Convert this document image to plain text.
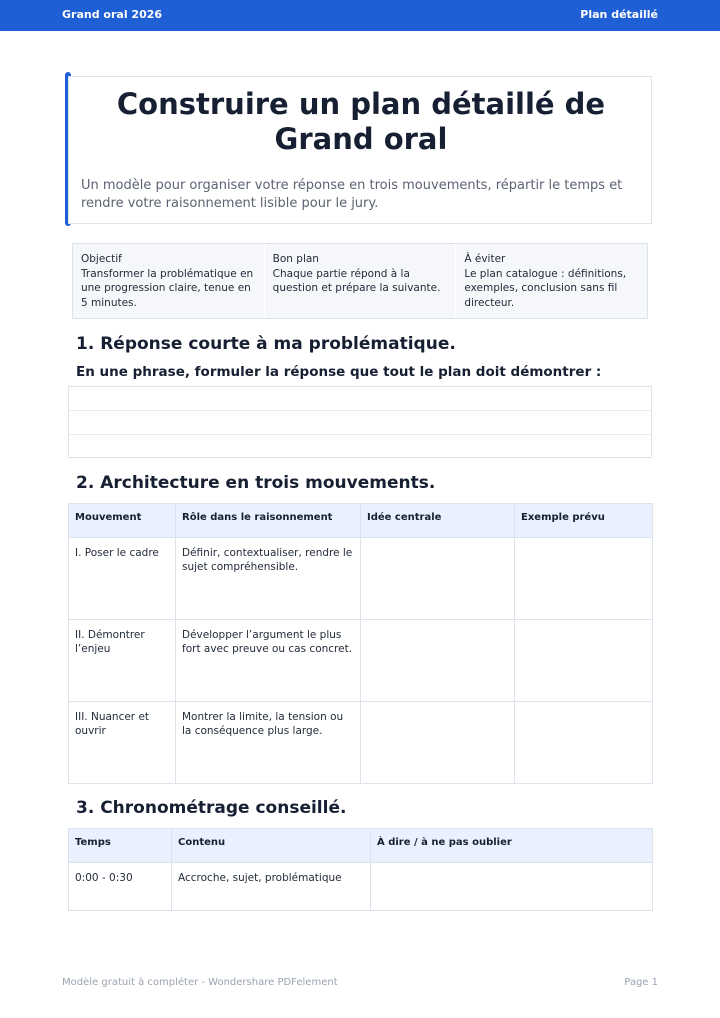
Grand oral 2026	Plan détaillé
Construire un plan détaillé de Grand oral
Un modèle pour organiser votre réponse en trois mouvements, répartir le temps et rendre votre raisonnement lisible pour le jury.
Objectif
Transformer la problématique en une progression claire, tenue en 5 minutes.
Bon plan
Chaque partie répond à la question et prépare la suivante.
À éviter
Le plan catalogue : définitions, exemples, conclusion sans fil directeur.
1. Réponse courte à ma problématique.
En une phrase, formuler la réponse que tout le plan doit démontrer :
2. Architecture en trois mouvements.
Mouvement	Rôle dans le raisonnement	Idée centrale	Exemple prévu
I. Poser le cadre	Définir, contextualiser, rendre le sujet compréhensible.		
II. Démontrer l’enjeu	Développer l’argument le plus fort avec preuve ou cas concret.		
III. Nuancer et ouvrir	Montrer la limite, la tension ou la conséquence plus large.		
3. Chronométrage conseillé.
Temps	Contenu	À dire / à ne pas oublier
0:00 - 0:30	Accroche, sujet, problématique	
Modèle gratuit à compléter - Wondershare PDFelement	Page 1
